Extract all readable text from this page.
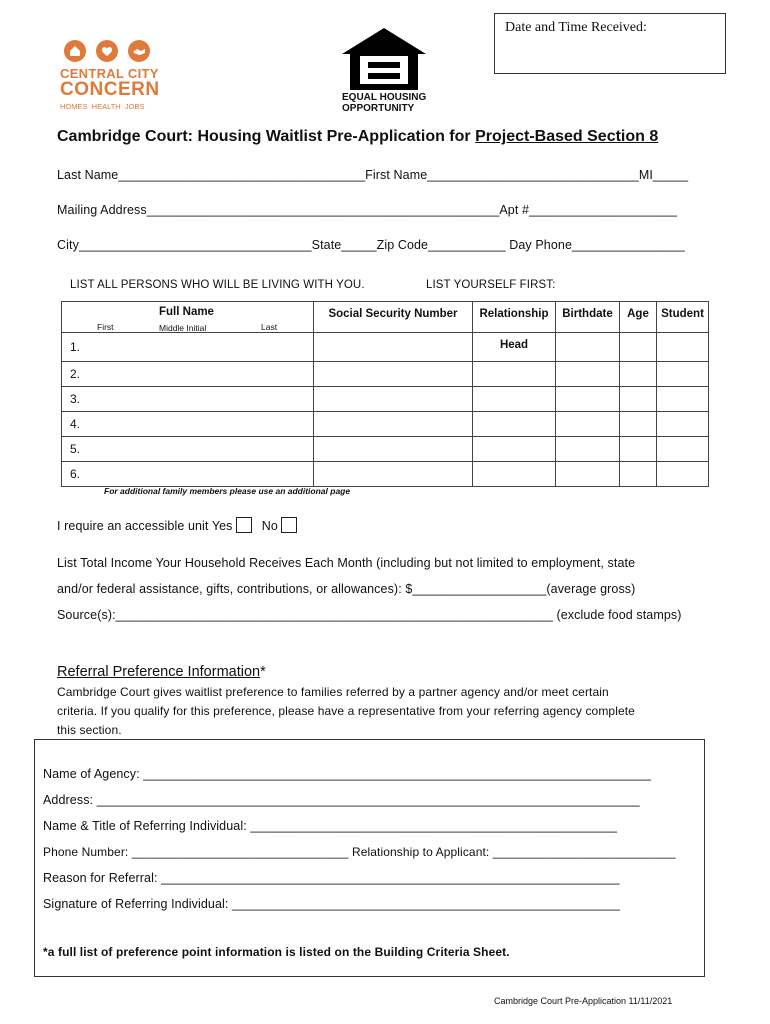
Date and Time Received:
CENTRAL CITY
CONCERN
HOMES  HEALTH  JOBS
EQUAL HOUSING
OPPORTUNITY
Cambridge Court: Housing Waitlist Pre-Application for Project-Based Section 8
Last Name___________________________________First Name______________________________MI_____
Mailing Address__________________________________________________Apt #_____________________
City_________________________________State_____Zip Code___________ Day Phone________________
LIST ALL PERSONS WHO WILL BE LIVING WITH YOU.	LIST YOURSELF FIRST:
Full Name
First Middle Initial Last	Social Security Number	Relationship	Birthdate	Age	Student
1.		Head			
2.					
3.					
4.					
5.					
6.					
For additional family members please use an additional page
I require an accessible unit Yes No
List Total Income Your Household Receives Each Month (including but not limited to employment, state
and/or federal assistance, gifts, contributions, or allowances): $___________________(average gross)
Source(s):______________________________________________________________ (exclude food stamps)
Referral Preference Information*
Cambridge Court gives waitlist preference to families referred by a partner agency and/or meet certain
criteria. If you qualify for this preference, please have a representative from your referring agency complete
this section.
Name of Agency: ________________________________________________________________________
Address: _____________________________________________________________________________
Name & Title of Referring Individual: ____________________________________________________
Phone Number: ________________________________ Relationship to Applicant: ___________________________
Reason for Referral: _________________________________________________________________
Signature of Referring Individual: _______________________________________________________
*a full list of preference point information is listed on the Building Criteria Sheet.
Cambridge Court Pre-Application 11/11/2021
